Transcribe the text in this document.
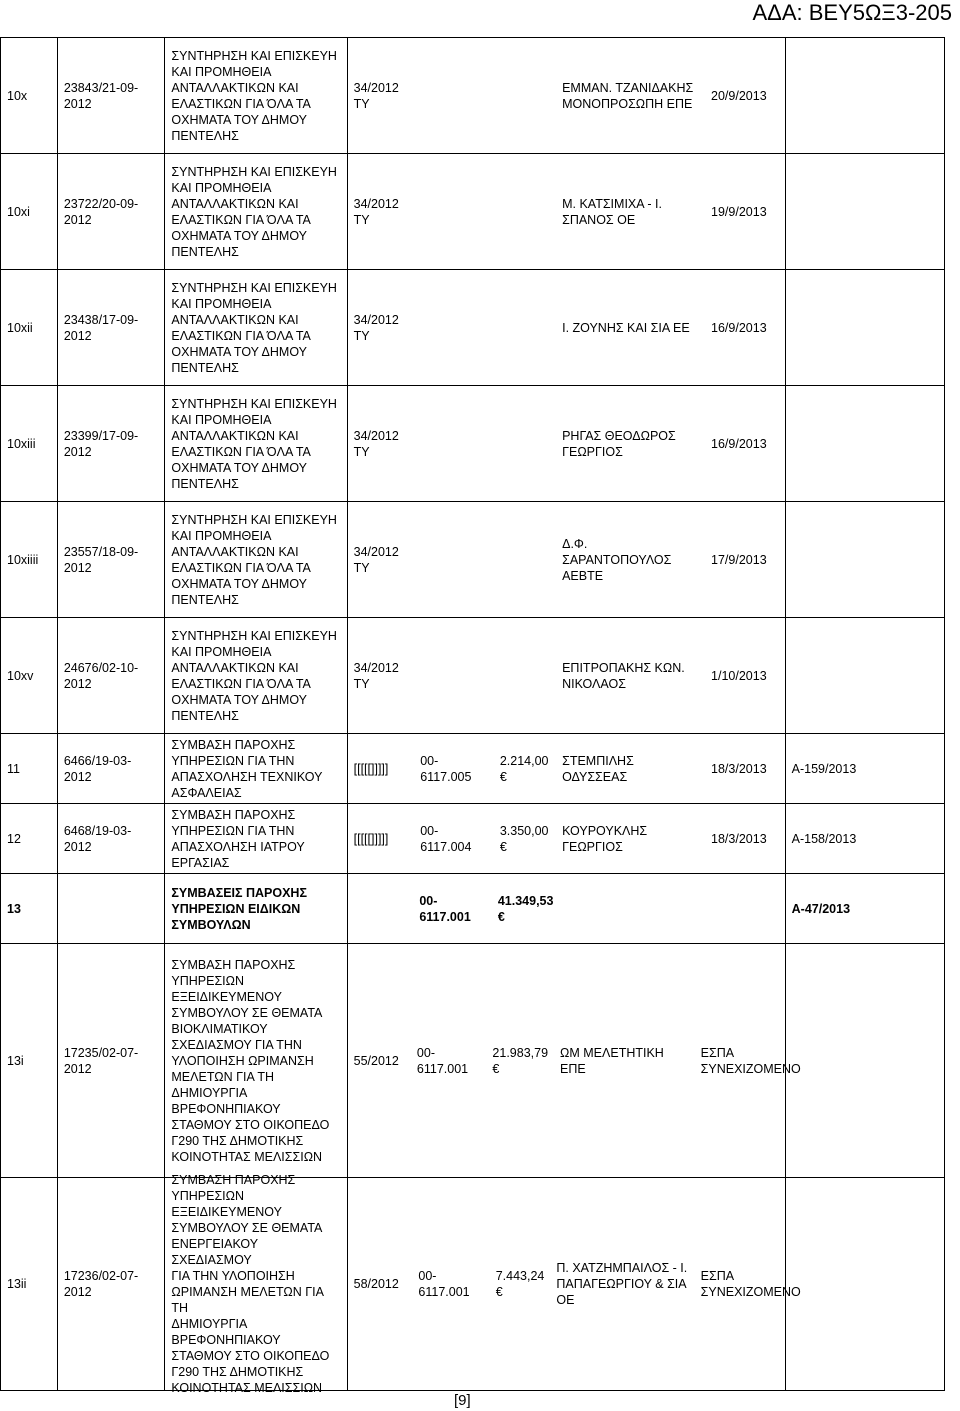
ΑΔΑ: ΒΕΥ5ΩΞ3-205
10x
23843/21-09-2012
ΣΥΝΤΗΡΗΣΗ ΚΑΙ ΕΠΙΣΚΕΥΗ
ΚΑΙ ΠΡΟΜΗΘΕΙΑ
ΑΝΤΑΛΛΑΚΤΙΚΩΝ ΚΑΙ
ΕΛΑΣΤΙΚΩΝ ΓΙΑ ΌΛΑ ΤΑ
ΟΧΗΜΑΤΑ ΤΟΥ ΔΗΜΟΥ
ΠΕΝΤΕΛΗΣ
34/2012 ΤΥ
ΕΜΜΑΝ. ΤΖΑΝΙΔΑΚΗΣ
ΜΟΝΟΠΡΟΣΩΠΗ ΕΠΕ
20/9/2013
10xi
23722/20-09-2012
ΣΥΝΤΗΡΗΣΗ ΚΑΙ ΕΠΙΣΚΕΥΗ
ΚΑΙ ΠΡΟΜΗΘΕΙΑ
ΑΝΤΑΛΛΑΚΤΙΚΩΝ ΚΑΙ
ΕΛΑΣΤΙΚΩΝ ΓΙΑ ΌΛΑ ΤΑ
ΟΧΗΜΑΤΑ ΤΟΥ ΔΗΜΟΥ
ΠΕΝΤΕΛΗΣ
34/2012 ΤΥ
Μ. ΚΑΤΣΙΜΙΧΑ - Ι.
ΣΠΑΝΟΣ ΟΕ
19/9/2013
10xii
23438/17-09-2012
ΣΥΝΤΗΡΗΣΗ ΚΑΙ ΕΠΙΣΚΕΥΗ
ΚΑΙ ΠΡΟΜΗΘΕΙΑ
ΑΝΤΑΛΛΑΚΤΙΚΩΝ ΚΑΙ
ΕΛΑΣΤΙΚΩΝ ΓΙΑ ΌΛΑ ΤΑ
ΟΧΗΜΑΤΑ ΤΟΥ ΔΗΜΟΥ
ΠΕΝΤΕΛΗΣ
34/2012 ΤΥ
Ι. ΖΟΥΝΗΣ ΚΑΙ ΣΙΑ ΕΕ 16/9/2013
10xiii
23399/17-09-2012
ΣΥΝΤΗΡΗΣΗ ΚΑΙ ΕΠΙΣΚΕΥΗ
ΚΑΙ ΠΡΟΜΗΘΕΙΑ
ΑΝΤΑΛΛΑΚΤΙΚΩΝ ΚΑΙ
ΕΛΑΣΤΙΚΩΝ ΓΙΑ ΌΛΑ ΤΑ
ΟΧΗΜΑΤΑ ΤΟΥ ΔΗΜΟΥ
ΠΕΝΤΕΛΗΣ
34/2012 ΤΥ
ΡΗΓΑΣ ΘΕΟΔΩΡΟΣ
ΓΕΩΡΓΙΟΣ
16/9/2013
10xiiii
23557/18-09-2012
ΣΥΝΤΗΡΗΣΗ ΚΑΙ ΕΠΙΣΚΕΥΗ
ΚΑΙ ΠΡΟΜΗΘΕΙΑ
ΑΝΤΑΛΛΑΚΤΙΚΩΝ ΚΑΙ
ΕΛΑΣΤΙΚΩΝ ΓΙΑ ΌΛΑ ΤΑ
ΟΧΗΜΑΤΑ ΤΟΥ ΔΗΜΟΥ
ΠΕΝΤΕΛΗΣ
34/2012 ΤΥ
Δ.Φ.
ΣΑΡΑΝΤΟΠΟΥΛΟΣ
ΑΕΒΤΕ
17/9/2013
10xv
24676/02-10-2012
ΣΥΝΤΗΡΗΣΗ ΚΑΙ ΕΠΙΣΚΕΥΗ
ΚΑΙ ΠΡΟΜΗΘΕΙΑ
ΑΝΤΑΛΛΑΚΤΙΚΩΝ ΚΑΙ
ΕΛΑΣΤΙΚΩΝ ΓΙΑ ΌΛΑ ΤΑ
ΟΧΗΜΑΤΑ ΤΟΥ ΔΗΜΟΥ
ΠΕΝΤΕΛΗΣ
34/2012 ΤΥ
ΕΠΙΤΡΟΠΑΚΗΣ ΚΩΝ.
ΝΙΚΟΛΑΟΣ
1/10/2013
11
6466/19-03-2012
ΣΥΜΒΑΣΗ ΠΑΡΟΧΗΣ
ΥΠΗΡΕΣΙΩΝ ΓΙΑ ΤΗΝ
ΑΠΑΣΧΟΛΗΣΗ ΤΕΧΝΙΚΟΥ
ΑΣΦΑΛΕΙΑΣ
[[[[[]]]]]
00-6117.005
2.214,00 €
ΣΤΕΜΠΙΛΗΣ
ΟΔΥΣΣΕΑΣ
18/3/2013 Α-159/2013
12
6468/19-03-2012
ΣΥΜΒΑΣΗ ΠΑΡΟΧΗΣ
ΥΠΗΡΕΣΙΩΝ ΓΙΑ ΤΗΝ
ΑΠΑΣΧΟΛΗΣΗ ΙΑΤΡΟΥ
ΕΡΓΑΣΙΑΣ
[[[[[]]]]]
00-6117.004
3.350,00 €
ΚΟΥΡΟΥΚΛΗΣ
ΓΕΩΡΓΙΟΣ
18/3/2013 Α-158/2013
13
ΣΥΜΒΑΣΕΙΣ ΠΑΡΟΧΗΣ
ΥΠΗΡΕΣΙΩΝ ΕΙΔΙΚΩΝ
ΣΥΜΒΟΥΛΩΝ
00-6117.001
41.349,53
€
Α-47/2013
13i
17235/02-07-2012
ΣΥΜΒΑΣΗ ΠΑΡΟΧΗΣ
ΥΠΗΡΕΣΙΩΝ
ΕΞΕΙΔΙΚΕΥΜΕΝΟΥ
ΣΥΜΒΟΥΛΟΥ ΣΕ ΘΕΜΑΤΑ
ΒΙΟΚΛΙΜΑΤΙΚΟΥ
ΣΧΕΔΙΑΣΜΟΥ ΓΙΑ ΤΗΝ
ΥΛΟΠΟΙΗΣΗ ΩΡΙΜΑΝΣΗ
ΜΕΛΕΤΩΝ ΓΙΑ ΤΗ
ΔΗΜΙΟΥΡΓΙΑ
ΒΡΕΦΟΝΗΠΙΑΚΟΥ
ΣΤΑΘΜΟΥ ΣΤΟ ΟΙΚΟΠΕΔΟ
Γ290 ΤΗΣ ΔΗΜΟΤΙΚΗΣ
ΚΟΙΝΟΤΗΤΑΣ ΜΕΛΙΣΣΙΩΝ
55/2012
00-6117.001
21.983,79
€
ΩΜ ΜΕΛΕΤΗΤΙΚΗ ΕΠΕ
ΕΣΠΑ
ΣΥΝΕΧΙΖΟΜΕΝΟ
13ii
17236/02-07-2012
ΣΥΜΒΑΣΗ ΠΑΡΟΧΗΣ
ΥΠΗΡΕΣΙΩΝ
ΕΞΕΙΔΙΚΕΥΜΕΝΟΥ
ΣΥΜΒΟΥΛΟΥ ΣΕ ΘΕΜΑΤΑ
ΕΝΕΡΓΕΙΑΚΟΥ ΣΧΕΔΙΑΣΜΟΥ
ΓΙΑ ΤΗΝ ΥΛΟΠΟΙΗΣΗ
ΩΡΙΜΑΝΣΗ ΜΕΛΕΤΩΝ ΓΙΑ ΤΗ
ΔΗΜΙΟΥΡΓΙΑ
ΒΡΕΦΟΝΗΠΙΑΚΟΥ
ΣΤΑΘΜΟΥ ΣΤΟ ΟΙΚΟΠΕΔΟ
Γ290 ΤΗΣ ΔΗΜΟΤΙΚΗΣ
ΚΟΙΝΟΤΗΤΑΣ ΜΕΛΙΣΣΙΩΝ
58/2012
00-6117.001
7.443,24 €
Π. ΧΑΤΖΗΜΠΑΙΛΟΣ - Ι.
ΠΑΠΑΓΕΩΡΓΙΟΥ & ΣΙΑ
ΟΕ
ΕΣΠΑ
ΣΥΝΕΧΙΖΟΜΕΝΟ
[9]
